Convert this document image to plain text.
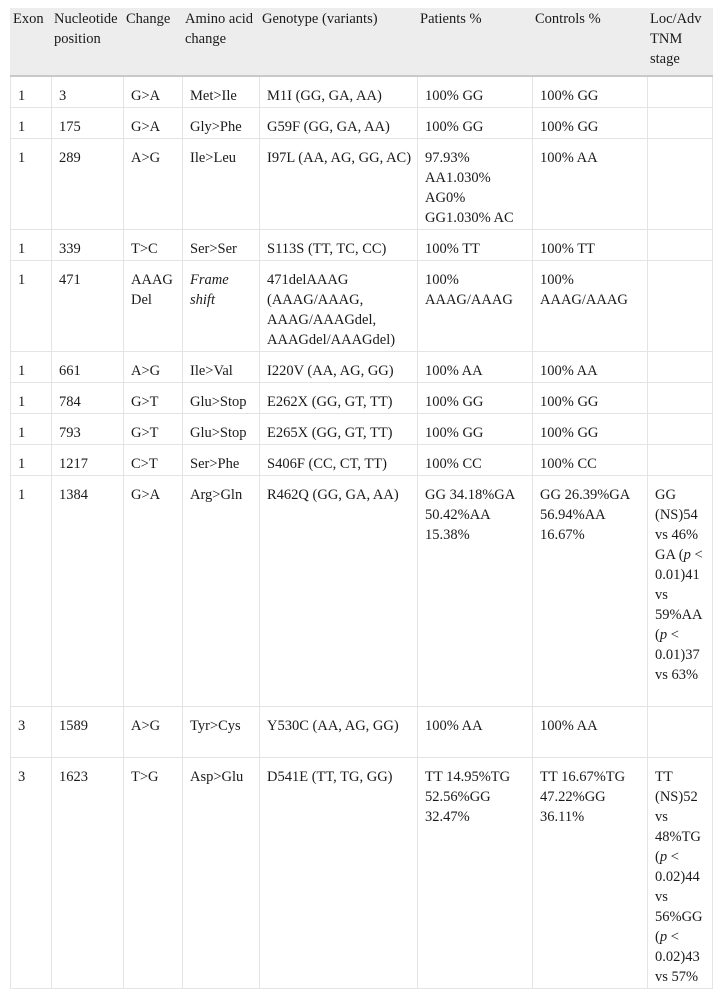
Exon	Nucleotide position	Change	Amino acid change	Genotype (variants)	Patients %	Controls %	Loc/Adv TNM stage
1	3	G>A	Met>Ile	M1I (GG, GA, AA)	100% GG	100% GG	
1	175	G>A	Gly>Phe	G59F (GG, GA, AA)	100% GG	100% GG	
1	289	A>G	Ile>Leu	I97L (AA, AG, GG, AC)	97.93% AA1.030% AG0% GG1.030% AC	100% AA	
1	339	T>C	Ser>Ser	S113S (TT, TC, CC)	100% TT	100% TT	
1	471	AAAG Del	Frame shift	471delAAAG (AAAG/AAAG, AAAG/AAAGdel, AAAGdel/AAAGdel)	100% AAAG/AAAG	100% AAAG/AAAG	
1	661	A>G	Ile>Val	I220V (AA, AG, GG)	100% AA	100% AA	
1	784	G>T	Glu>Stop	E262X (GG, GT, TT)	100% GG	100% GG	
1	793	G>T	Glu>Stop	E265X (GG, GT, TT)	100% GG	100% GG	
1	1217	C>T	Ser>Phe	S406F (CC, CT, TT)	100% CC	100% CC	
1	1384	G>A	Arg>Gln	R462Q (GG, GA, AA)	GG 34.18%GA 50.42%AA 15.38%	GG 26.39%GA 56.94%AA 16.67%	GG (NS)54 vs 46% GA (p < 0.01)41 vs 59%AA (p < 0.01)37 vs 63%
3	1589	A>G	Tyr>Cys	Y530C (AA, AG, GG)	100% AA	100% AA	
3	1623	T>G	Asp>Glu	D541E (TT, TG, GG)	TT 14.95%TG 52.56%GG 32.47%	TT 16.67%TG 47.22%GG 36.11%	TT (NS)52 vs 48%TG (p < 0.02)44 vs 56%GG (p < 0.02)43 vs 57%
